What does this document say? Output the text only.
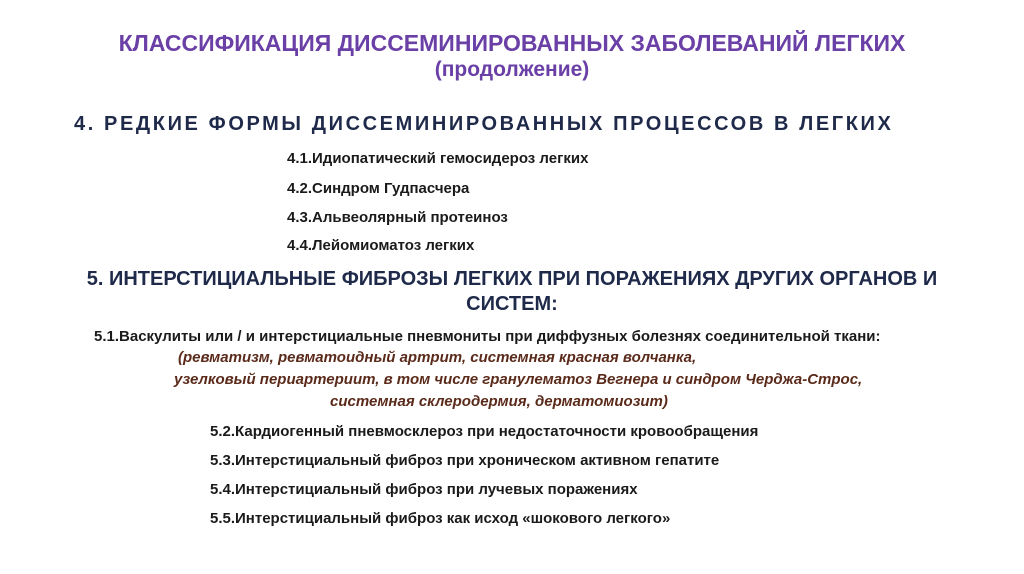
КЛАССИФИКАЦИЯ ДИССЕМИНИРОВАННЫХ ЗАБОЛЕВАНИЙ ЛЕГКИХ
(продолжение)
4. РЕДКИЕ ФОРМЫ ДИССЕМИНИРОВАННЫХ ПРОЦЕССОВ В ЛЕГКИХ
4.1.Идиопатический гемосидероз легких
4.2.Синдром Гудпасчера
4.3.Альвеолярный протеиноз
4.4.Лейомиоматоз легких
5. ИНТЕРСТИЦИАЛЬНЫЕ ФИБРОЗЫ ЛЕГКИХ ПРИ ПОРАЖЕНИЯХ ДРУГИХ ОРГАНОВ И
СИСТЕМ:
5.1.Васкулиты или / и интерстициальные пневмониты при диффузных болезнях соединительной ткани:
(ревматизм, ревматоидный артрит, системная красная волчанка,
узелковый периартериит, в том числе гранулематоз Вегнера и синдром Черджа-Строс,
системная склеродермия, дерматомиозит)
5.2.Кардиогенный пневмосклероз при недостаточности кровообращения
5.3.Интерстициальный фиброз при хроническом активном гепатите
5.4.Интерстициальный фиброз при лучевых поражениях
5.5.Интерстициальный фиброз как исход «шокового легкого»
